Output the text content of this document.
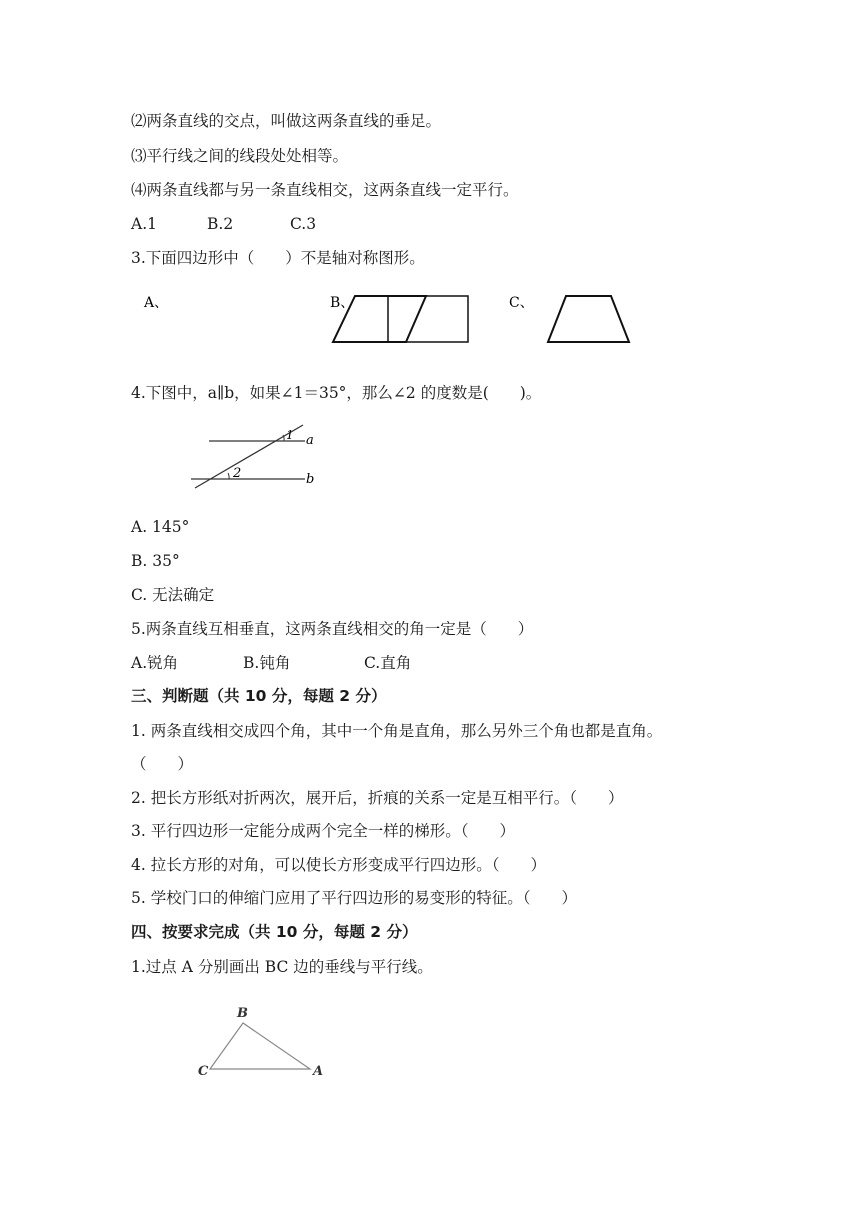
⑵两条直线的交点，叫做这两条直线的垂足。
⑶平行线之间的线段处处相等。
⑷两条直线都与另一条直线相交，这两条直线一定平行。
A.1	B.2	C.3
3.下面四边形中（　　）不是轴对称图形。
A、	B、	C、
4.下图中，a∥b，如果∠1＝35°，那么∠2 的度数是(　　)。
1
2
a
b
A. 145°
B. 35°
C. 无法确定
5.两条直线互相垂直，这两条直线相交的角一定是（　　）
A.锐角	B.钝角	C.直角
三、判断题（共 10 分，每题 2 分）
1. 两条直线相交成四个角，其中一个角是直角，那么另外三个角也都是直角。
（　　）
2. 把长方形纸对折两次，展开后，折痕的关系一定是互相平行。（　　）
3. 平行四边形一定能分成两个完全一样的梯形。（　　）
4. 拉长方形的对角，可以使长方形变成平行四边形。（　　）
5. 学校门口的伸缩门应用了平行四边形的易变形的特征。（　　）
四、按要求完成（共 10 分，每题 2 分）
1.过点 A 分别画出 BC 边的垂线与平行线。
B
C	A
